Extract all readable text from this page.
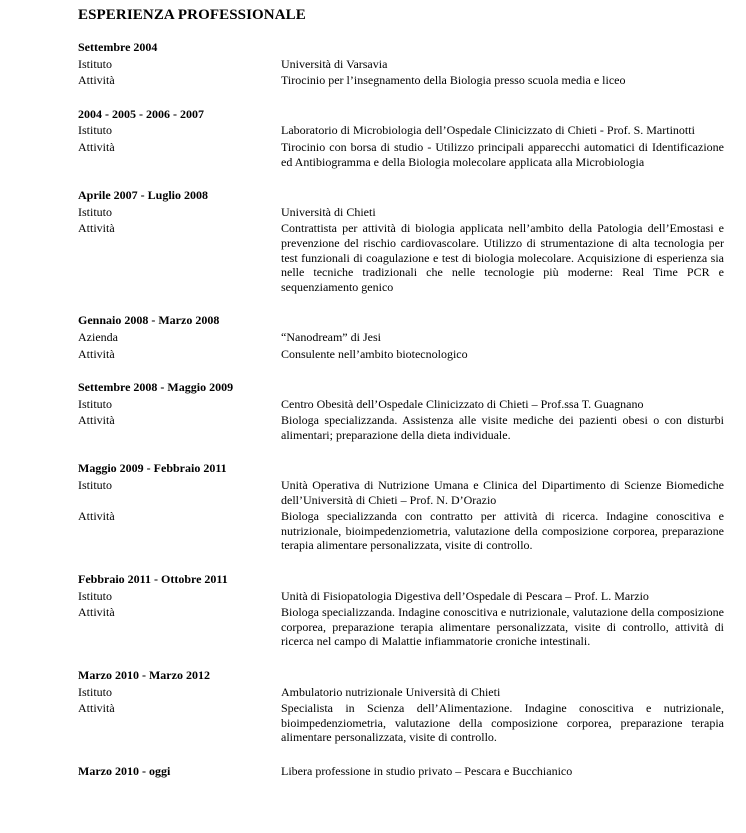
ESPERIENZA PROFESSIONALE
Settembre 2004
Istituto	Università di Varsavia
Attività	Tirocinio per l’insegnamento della Biologia presso scuola media e liceo
2004 - 2005 - 2006 - 2007
Istituto	Laboratorio di Microbiologia dell’Ospedale Clinicizzato di Chieti - Prof. S. Martinotti
Attività	Tirocinio con borsa di studio - Utilizzo principali apparecchi automatici di Identificazione ed Antibiogramma e della Biologia molecolare applicata alla Microbiologia
Aprile 2007 - Luglio 2008
Istituto	Università di Chieti
Attività	Contrattista per attività di biologia applicata nell’ambito della Patologia dell’Emostasi e prevenzione del rischio cardiovascolare. Utilizzo di strumentazione di alta tecnologia per test funzionali di coagulazione e test di biologia molecolare. Acquisizione di esperienza sia nelle tecniche tradizionali che nelle tecnologie più moderne: Real Time PCR e sequenziamento genico
Gennaio 2008 - Marzo 2008
Azienda	“Nanodream” di Jesi
Attività	Consulente nell’ambito biotecnologico
Settembre 2008 - Maggio 2009
Istituto	Centro Obesità dell’Ospedale Clinicizzato di Chieti – Prof.ssa T. Guagnano
Attività	Biologa specializzanda. Assistenza alle visite mediche dei pazienti obesi o con disturbi alimentari; preparazione della dieta individuale.
Maggio 2009 - Febbraio 2011
Istituto	Unità Operativa di Nutrizione Umana e Clinica del Dipartimento di Scienze Biomediche dell’Università di Chieti – Prof. N. D’Orazio
Attività	Biologa specializzanda con contratto per attività di ricerca. Indagine conoscitiva e nutrizionale, bioimpedenziometria, valutazione della composizione corporea, preparazione terapia alimentare personalizzata, visite di controllo.
Febbraio 2011 - Ottobre 2011
Istituto	Unità di Fisiopatologia Digestiva dell’Ospedale di Pescara – Prof. L. Marzio
Attività	Biologa specializzanda. Indagine conoscitiva e nutrizionale, valutazione della composizione corporea, preparazione terapia alimentare personalizzata, visite di controllo, attività di ricerca nel campo di Malattie infiammatorie croniche intestinali.
Marzo 2010 - Marzo 2012
Istituto	Ambulatorio nutrizionale Università di Chieti
Attività	Specialista in Scienza dell’Alimentazione. Indagine conoscitiva e nutrizionale, bioimpedenziometria, valutazione della composizione corporea, preparazione terapia alimentare personalizzata, visite di controllo.
Marzo 2010 - oggi	Libera professione in studio privato – Pescara e Bucchianico
